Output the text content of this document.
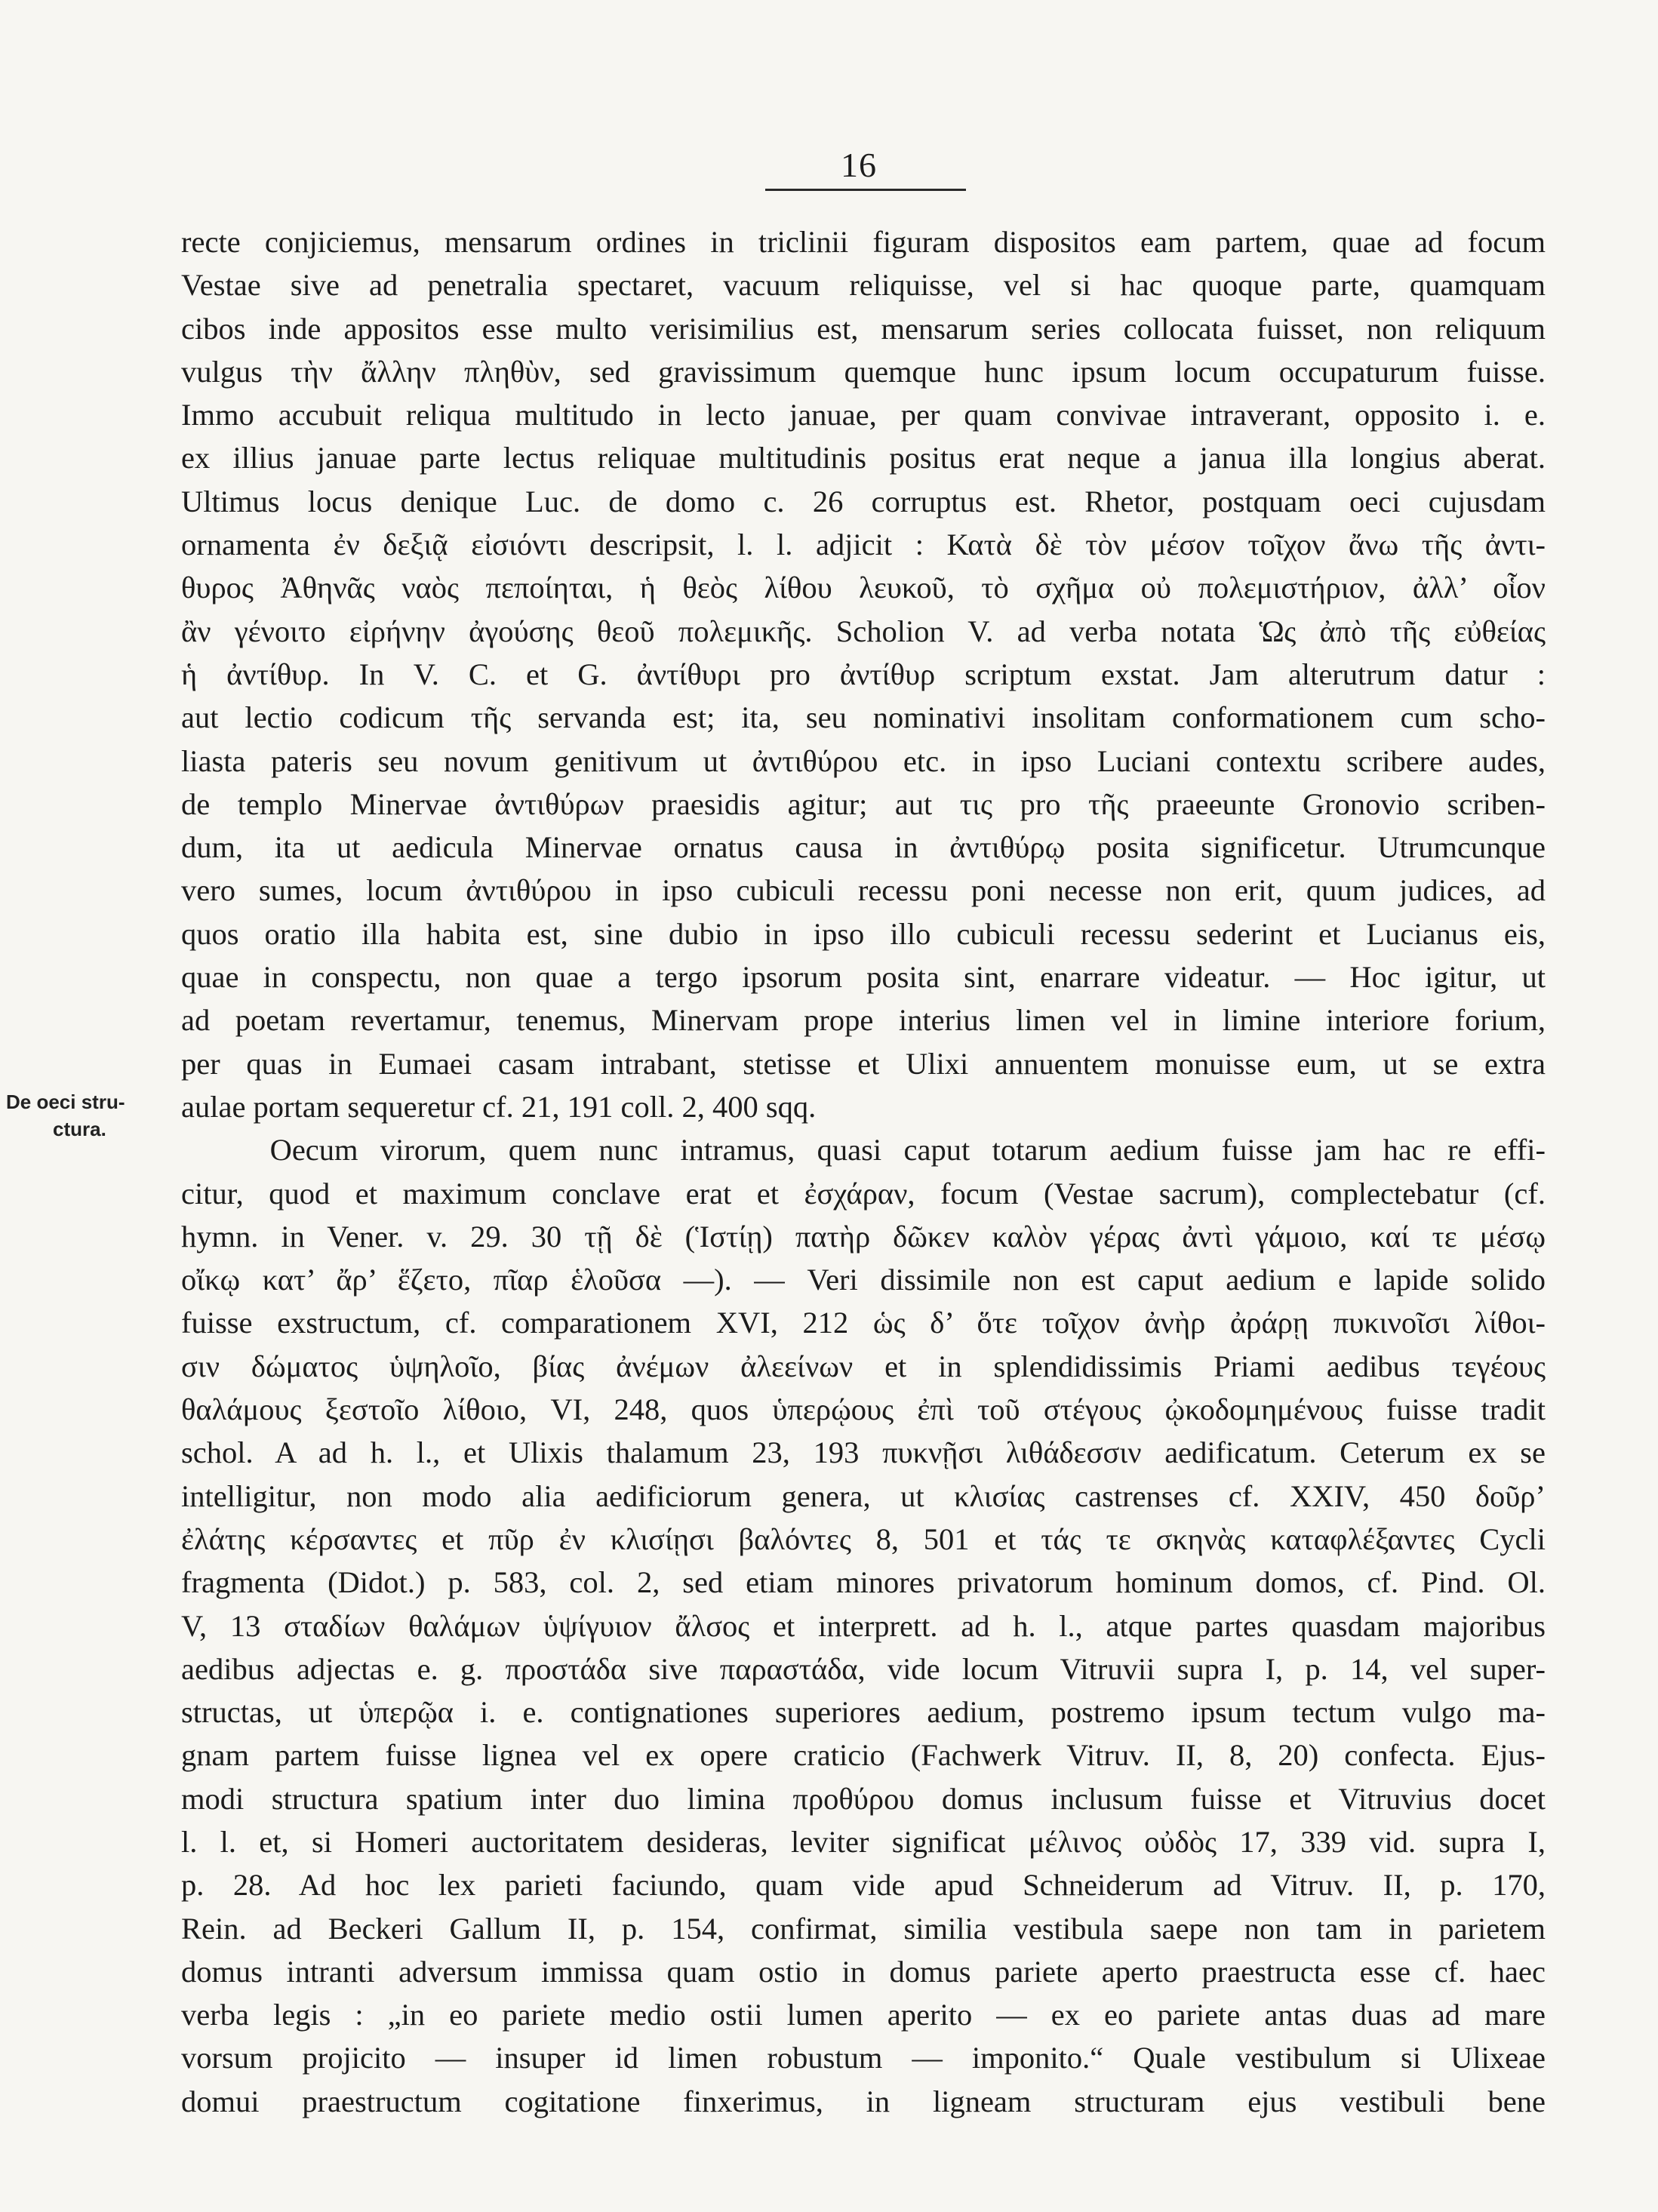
16
De oeci stru-
ctura.
recte conjiciemus, mensarum ordines in triclinii figuram dispositos eam partem, quae ad focum
Vestae sive ad penetralia spectaret, vacuum reliquisse, vel si hac quoque parte, quamquam
cibos inde appositos esse multo verisimilius est, mensarum series collocata fuisset, non reliquum
vulgus τὴν ἄλλην πληθὺν, sed gravissimum quemque hunc ipsum locum occupaturum fuisse.
Immo accubuit reliqua multitudo in lecto januae, per quam convivae intraverant, opposito i. e.
ex illius januae parte lectus reliquae multitudinis positus erat neque a janua illa longius aberat.
Ultimus locus denique Luc. de domo c. 26 corruptus est. Rhetor, postquam oeci cujusdam
ornamenta ἐν δεξιᾷ εἰσιόντι descripsit, l. l. adjicit : Κατὰ δὲ τὸν μέσον τοῖχον ἄνω τῆς ἀντι-
θυρος Ἀθηνᾶς ναὸς πεποίηται, ἡ θεὸς λίθου λευκοῦ, τὸ σχῆμα οὐ πολεμιστήριον, ἀλλ’ οἷον
ἂν γένοιτο εἰρήνην ἀγούσης θεοῦ πολεμικῆς. Scholion V. ad verba notata Ὡς ἀπὸ τῆς εὐθείας
ἡ ἀντίθυρ. In V. C. et G. ἀντίθυρι pro ἀντίθυρ scriptum exstat. Jam alterutrum datur :
aut lectio codicum τῆς servanda est; ita, seu nominativi insolitam conformationem cum scho-
liasta pateris seu novum genitivum ut ἀντιθύρου etc. in ipso Luciani contextu scribere audes,
de templo Minervae ἀντιθύρων praesidis agitur; aut τις pro τῆς praeeunte Gronovio scriben-
dum, ita ut aedicula Minervae ornatus causa in ἀντιθύρῳ posita significetur. Utrumcunque
vero sumes, locum ἀντιθύρου in ipso cubiculi recessu poni necesse non erit, quum judices, ad
quos oratio illa habita est, sine dubio in ipso illo cubiculi recessu sederint et Lucianus eis,
quae in conspectu, non quae a tergo ipsorum posita sint, enarrare videatur. — Hoc igitur, ut
ad poetam revertamur, tenemus, Minervam prope interius limen vel in limine interiore forium,
per quas in Eumaei casam intrabant, stetisse et Ulixi annuentem monuisse eum, ut se extra
aulae portam sequeretur cf. 21, 191 coll. 2, 400 sqq.
Oecum virorum, quem nunc intramus, quasi caput totarum aedium fuisse jam hac re effi-
citur, quod et maximum conclave erat et ἐσχάραν, focum (Vestae sacrum), complectebatur (cf.
hymn. in Vener. v. 29. 30 τῇ δὲ (Ἱστίῃ) πατὴρ δῶκεν καλὸν γέρας ἀντὶ γάμοιο, καί τε μέσῳ
οἴκῳ κατ’ ἄρ’ ἕζετο, πῖαρ ἑλοῦσα —). — Veri dissimile non est caput aedium e lapide solido
fuisse exstructum, cf. comparationem XVI, 212 ὡς δ’ ὅτε τοῖχον ἀνὴρ ἀράρῃ πυκινοῖσι λίθοι-
σιν δώματος ὑψηλοῖο, βίας ἀνέμων ἀλεείνων et in splendidissimis Priami aedibus τεγέους
θαλάμους ξεστοῖο λίθοιο, VI, 248, quos ὑπερῴους ἐπὶ τοῦ στέγους ᾠκοδομημένους fuisse tradit
schol. A ad h. l., et Ulixis thalamum 23, 193 πυκνῇσι λιθάδεσσιν aedificatum. Ceterum ex se
intelligitur, non modo alia aedificiorum genera, ut κλισίας castrenses cf. XXIV, 450 δοῦρ’
ἐλάτης κέρσαντες et πῦρ ἐν κλισίῃσι βαλόντες 8, 501 et τάς τε σκηνὰς καταφλέξαντες Cycli
fragmenta (Didot.) p. 583, col. 2, sed etiam minores privatorum hominum domos, cf. Pind. Ol.
V, 13 σταδίων θαλάμων ὑψίγυιον ἄλσος et interprett. ad h. l., atque partes quasdam majoribus
aedibus adjectas e. g. προστάδα sive παραστάδα, vide locum Vitruvii supra I, p. 14, vel super-
structas, ut ὑπερῷα i. e. contignationes superiores aedium, postremo ipsum tectum vulgo ma-
gnam partem fuisse lignea vel ex opere craticio (Fachwerk Vitruv. II, 8, 20) confecta. Ejus-
modi structura spatium inter duo limina προθύρου domus inclusum fuisse et Vitruvius docet
l. l. et, si Homeri auctoritatem desideras, leviter significat μέλινος οὐδὸς 17, 339 vid. supra I,
p. 28. Ad hoc lex parieti faciundo, quam vide apud Schneiderum ad Vitruv. II, p. 170,
Rein. ad Beckeri Gallum II, p. 154, confirmat, similia vestibula saepe non tam in parietem
domus intranti adversum immissa quam ostio in domus pariete aperto praestructa esse cf. haec
verba legis : „in eo pariete medio ostii lumen aperito — ex eo pariete antas duas ad mare
vorsum projicito — insuper id limen robustum — imponito.“ Quale vestibulum si Ulixeae
domui praestructum cogitatione finxerimus, in ligneam structuram ejus vestibuli bene
